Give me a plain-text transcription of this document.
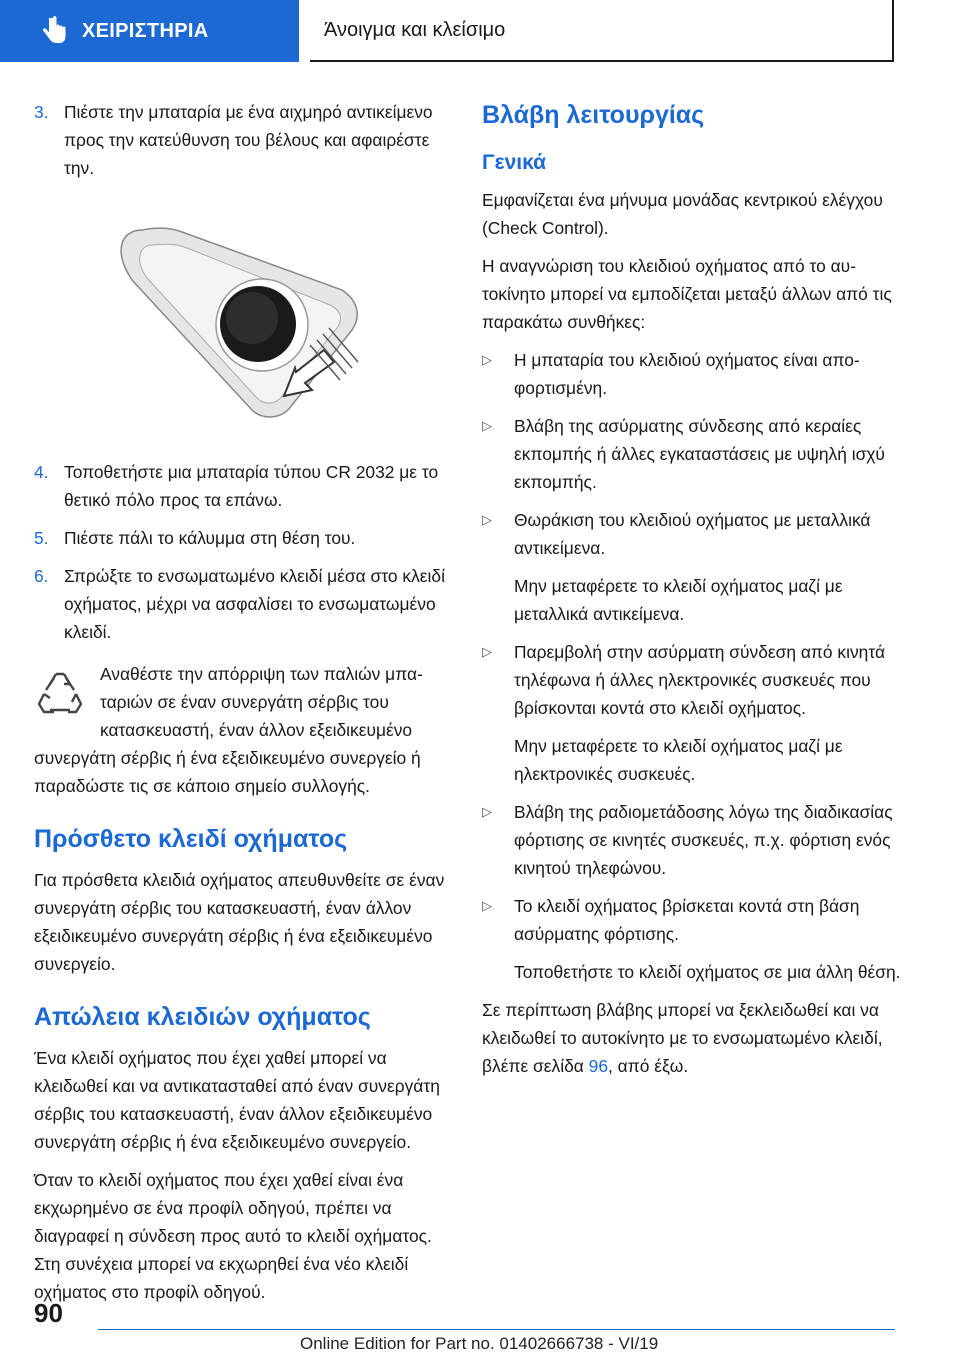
ΧΕΙΡΙΣΤΗΡΙΑ	Άνοιγμα και κλείσιμο
3. Πιέστε την μπαταρία με ένα αιχμηρό αντικείμενο προς την κατεύθυνση του βέλους και αφαιρέστε την.
4. Τοποθετήστε μια μπαταρία τύπου CR 2032 με το θετικό πόλο προς τα επάνω.
5. Πιέστε πάλι το κάλυμμα στη θέση του.
6. Σπρώξτε το ενσωματωμένο κλειδί μέσα στο κλειδί οχήματος, μέχρι να ασφαλίσει το ενσωματωμένο κλειδί.

Αναθέστε την απόρριψη των παλιών μπαταριών σε έναν συνεργάτη σέρβις του κατασκευαστή, έναν άλλον εξειδικευμένο συνεργάτη σέρβις ή ένα εξειδικευμένο συνεργείο ή παραδώστε τις σε κάποιο σημείο συλλογής.

Πρόσθετο κλειδί οχήματος

Για πρόσθετα κλειδιά οχήματος απευθυνθείτε σε έναν συνεργάτη σέρβις του κατασκευαστή, έναν άλλον εξειδικευμένο συνεργάτη σέρβις ή ένα εξειδικευμένο συνεργείο.

Απώλεια κλειδιών οχήματος

Ένα κλειδί οχήματος που έχει χαθεί μπορεί να κλειδωθεί και να αντικατασταθεί από έναν συνεργάτη σέρβις του κατασκευαστή, έναν άλλον εξειδικευμένο συνεργάτη σέρβις ή ένα εξειδικευμένο συνεργείο.

Όταν το κλειδί οχήματος που έχει χαθεί είναι ένα εκχωρημένο σε ένα προφίλ οδηγού, πρέπει να διαγραφεί η σύνδεση προς αυτό το κλειδί οχήματος. Στη συνέχεια μπορεί να εκχωρηθεί ένα νέο κλειδί οχήματος στο προφίλ οδηγού.

Βλάβη λειτουργίας
Γενικά

Εμφανίζεται ένα μήνυμα μονάδας κεντρικού ελέγχου (Check Control).

Η αναγνώριση του κλειδιού οχήματος από το αυτοκίνητο μπορεί να εμποδίζεται μεταξύ άλλων από τις παρακάτω συνθήκες:

▷	Η μπαταρία του κλειδιού οχήματος είναι αποφορτισμένη.
▷	Βλάβη της ασύρματης σύνδεσης από κεραίες εκπομπής ή άλλες εγκαταστάσεις με υψηλή ισχύ εκπομπής.
▷	Θωράκιση του κλειδιού οχήματος με μεταλλικά αντικείμενα.

Μην μεταφέρετε το κλειδί οχήματος μαζί με μεταλλικά αντικείμενα.

▷	Παρεμβολή στην ασύρματη σύνδεση από κινητά τηλέφωνα ή άλλες ηλεκτρονικές συσκευές που βρίσκονται κοντά στο κλειδί οχήματος.

Μην μεταφέρετε το κλειδί οχήματος μαζί με ηλεκτρονικές συσκευές.

▷	Βλάβη της ραδιομετάδοσης λόγω της διαδικασίας φόρτισης σε κινητές συσκευές, π.χ. φόρτιση ενός κινητού τηλεφώνου.
▷	Το κλειδί οχήματος βρίσκεται κοντά στη βάση ασύρματης φόρτισης.

Τοποθετήστε το κλειδί οχήματος σε μια άλλη θέση.

Σε περίπτωση βλάβης μπορεί να ξεκλειδωθεί και να κλειδωθεί το αυτοκίνητο με το ενσωματωμένο κλειδί, βλέπε σελίδα 96, από έξω.

90
Online Edition for Part no. 01402666738 - VI/19
